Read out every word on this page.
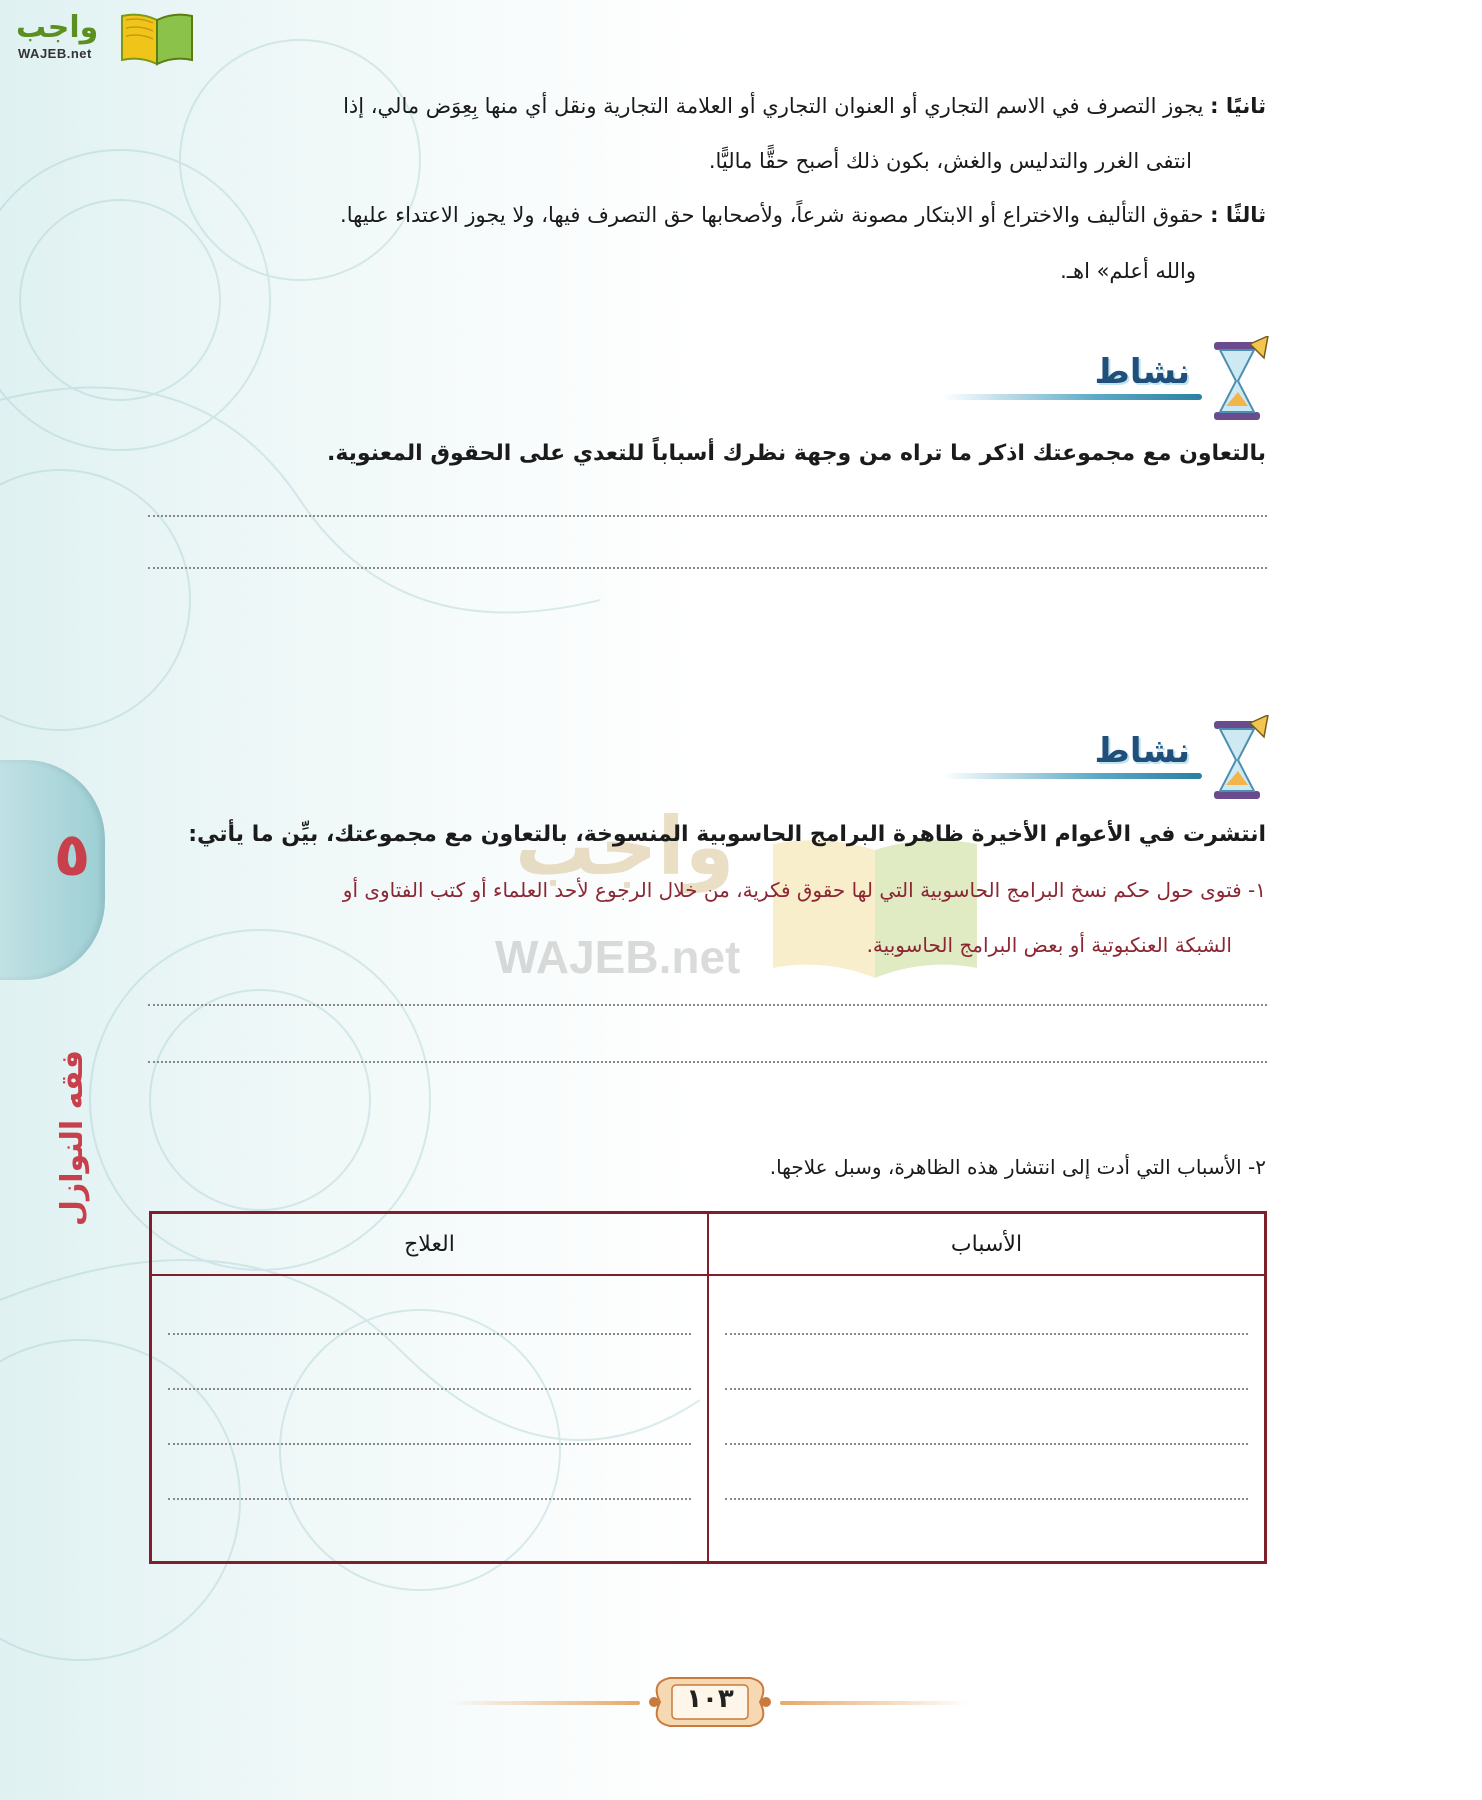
واجب
WAJEB.net
ثانيًا : يجوز التصرف في الاسم التجاري أو العنوان التجاري أو العلامة التجارية ونقل أي منها بِعِوَض مالي، إذا
انتفى الغرر والتدليس والغش، بكون ذلك أصبح حقًّا ماليًّا.
ثالثًا : حقوق التأليف والاختراع أو الابتكار مصونة شرعاً، ولأصحابها حق التصرف فيها، ولا يجوز الاعتداء عليها.
والله أعلم» اهـ.
نشاط
بالتعاون مع مجموعتك اذكر ما تراه من وجهة نظرك أسباباً للتعدي على الحقوق المعنوية.
نشاط
واجب
WAJEB.net
انتشرت في الأعوام الأخيرة ظاهرة البرامج الحاسوبية المنسوخة، بالتعاون مع مجموعتك، بيِّن ما يأتي:
١- فتوى حول حكم نسخ البرامج الحاسوبية التي لها حقوق فكرية، من خلال الرجوع لأحد العلماء أو كتب الفتاوى أو
الشبكة العنكبوتية أو بعض البرامج الحاسوبية.
٢- الأسباب التي أدت إلى انتشار هذه الظاهرة، وسبل علاجها.
الأسباب	العلاج

٥
فقه النوازل
١٠٣
